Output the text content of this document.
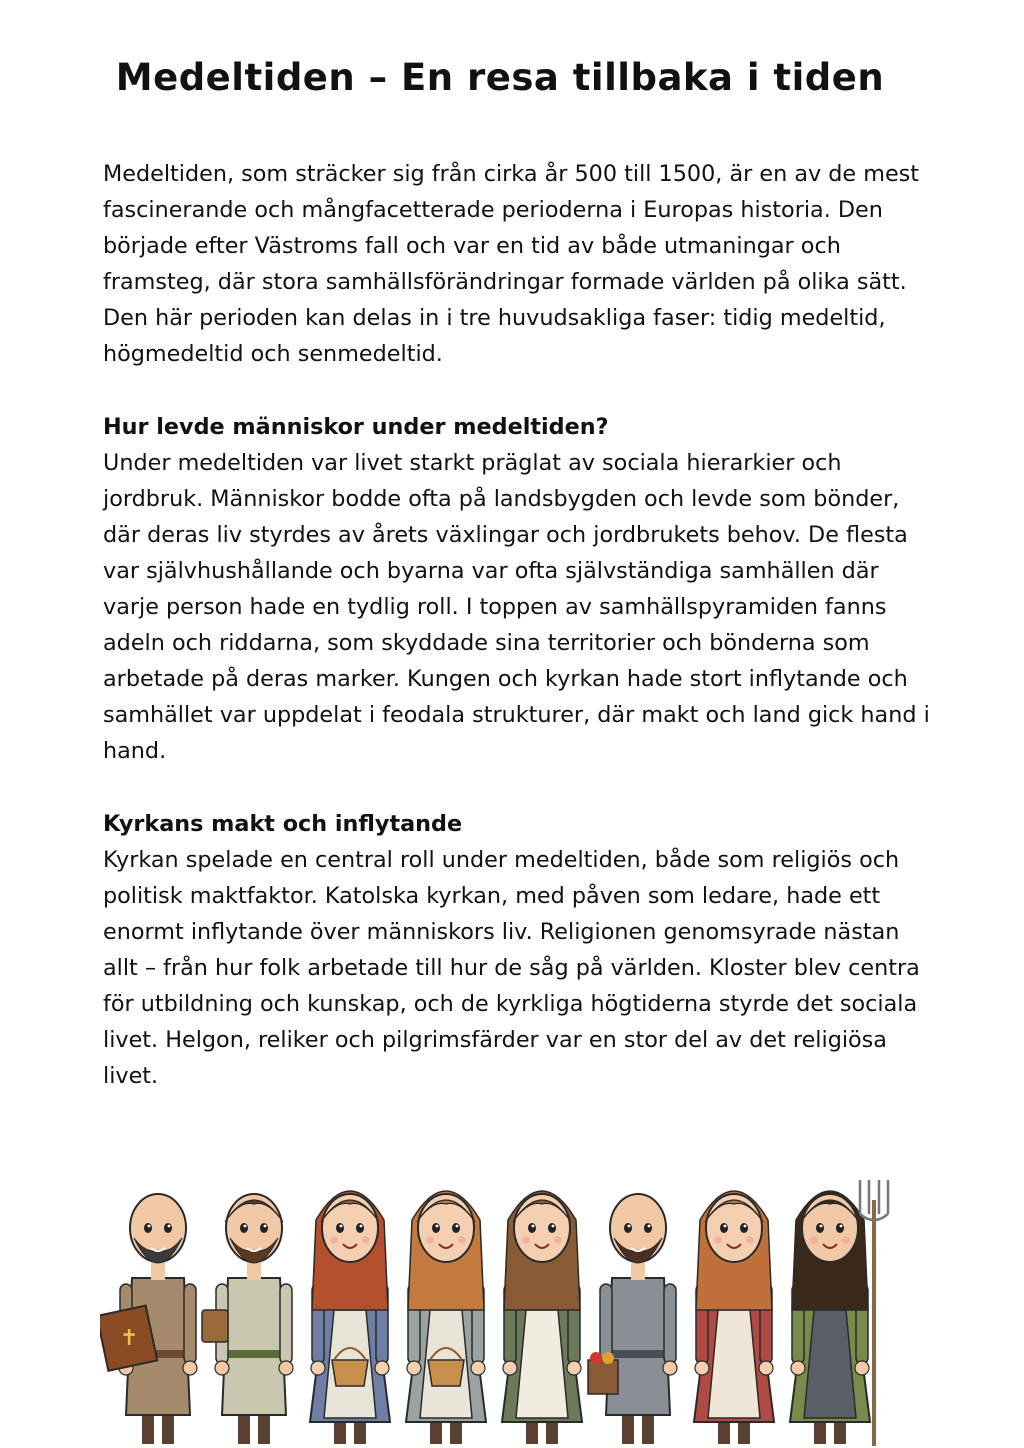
Medeltiden – En resa tillbaka i tiden

Medeltiden, som sträcker sig från cirka år 500 till 1500, är en av de mest fascinerande och mångfacetterade perioderna i Europas historia. Den började efter Västroms fall och var en tid av både utmaningar och framsteg, där stora samhällsförändringar formade världen på olika sätt. Den här perioden kan delas in i tre huvudsakliga faser: tidig medeltid, högmedeltid och senmedeltid.

Hur levde människor under medeltiden?

Under medeltiden var livet starkt präglat av sociala hierarkier och jordbruk. Människor bodde ofta på landsbygden och levde som bönder, där deras liv styrdes av årets växlingar och jordbrukets behov. De flesta var självhushållande och byarna var ofta självständiga samhällen där varje person hade en tydlig roll. I toppen av samhällspyramiden fanns adeln och riddarna, som skyddade sina territorier och bönderna som arbetade på deras marker. Kungen och kyrkan hade stort inflytande och samhället var uppdelat i feodala strukturer, där makt och land gick hand i hand.

Kyrkans makt och inflytande

Kyrkan spelade en central roll under medeltiden, både som religiös och politisk maktfaktor. Katolska kyrkan, med påven som ledare, hade ett enormt inflytande över människors liv. Religionen genomsyrade nästan allt – från hur folk arbetade till hur de såg på världen. Kloster blev centra för utbildning och kunskap, och de kyrkliga högtiderna styrde det sociala livet. Helgon, reliker och pilgrimsfärder var en stor del av det religiösa livet.

✝
